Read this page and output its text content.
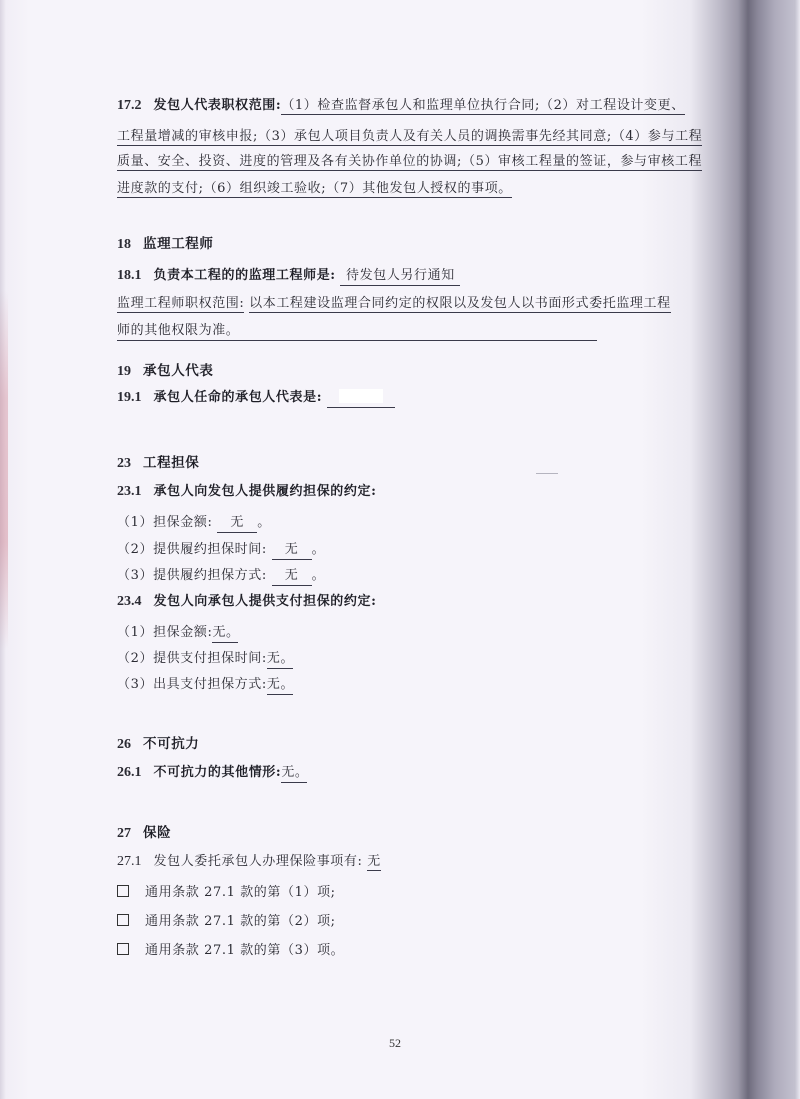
17.2 发包人代表职权范围:（1）检查监督承包人和监理单位执行合同;（2）对工程设计变更、
工程量增减的审核申报;（3）承包人项目负责人及有关人员的调换需事先经其同意;（4）参与工程
质量、安全、投资、进度的管理及各有关协作单位的协调;（5）审核工程量的签证，参与审核工程
进度款的支付;（6）组织竣工验收;（7）其他发包人授权的事项。
18 监理工程师
18.1 负责本工程的的监理工程师是: 待发包人另行通知
监理工程师职权范围: 以本工程建设监理合同约定的权限以及发包人以书面形式委托监理工程
师的其他权限为准。
19 承包人代表
19.1 承包人任命的承包人代表是:
23 工程担保
23.1 承包人向发包人提供履约担保的约定:
（1）担保金额: 无 。
（2）提供履约担保时间: 无 。
（3）提供履约担保方式: 无 。
23.4 发包人向承包人提供支付担保的约定:
（1）担保金额:无。
（2）提供支付担保时间:无。
（3）出具支付担保方式:无。
26 不可抗力
26.1 不可抗力的其他情形:无。
27 保险
27.1 发包人委托承包人办理保险事项有: 无
通用条款 27.1 款的第（1）项;
通用条款 27.1 款的第（2）项;
通用条款 27.1 款的第（3）项。
52
